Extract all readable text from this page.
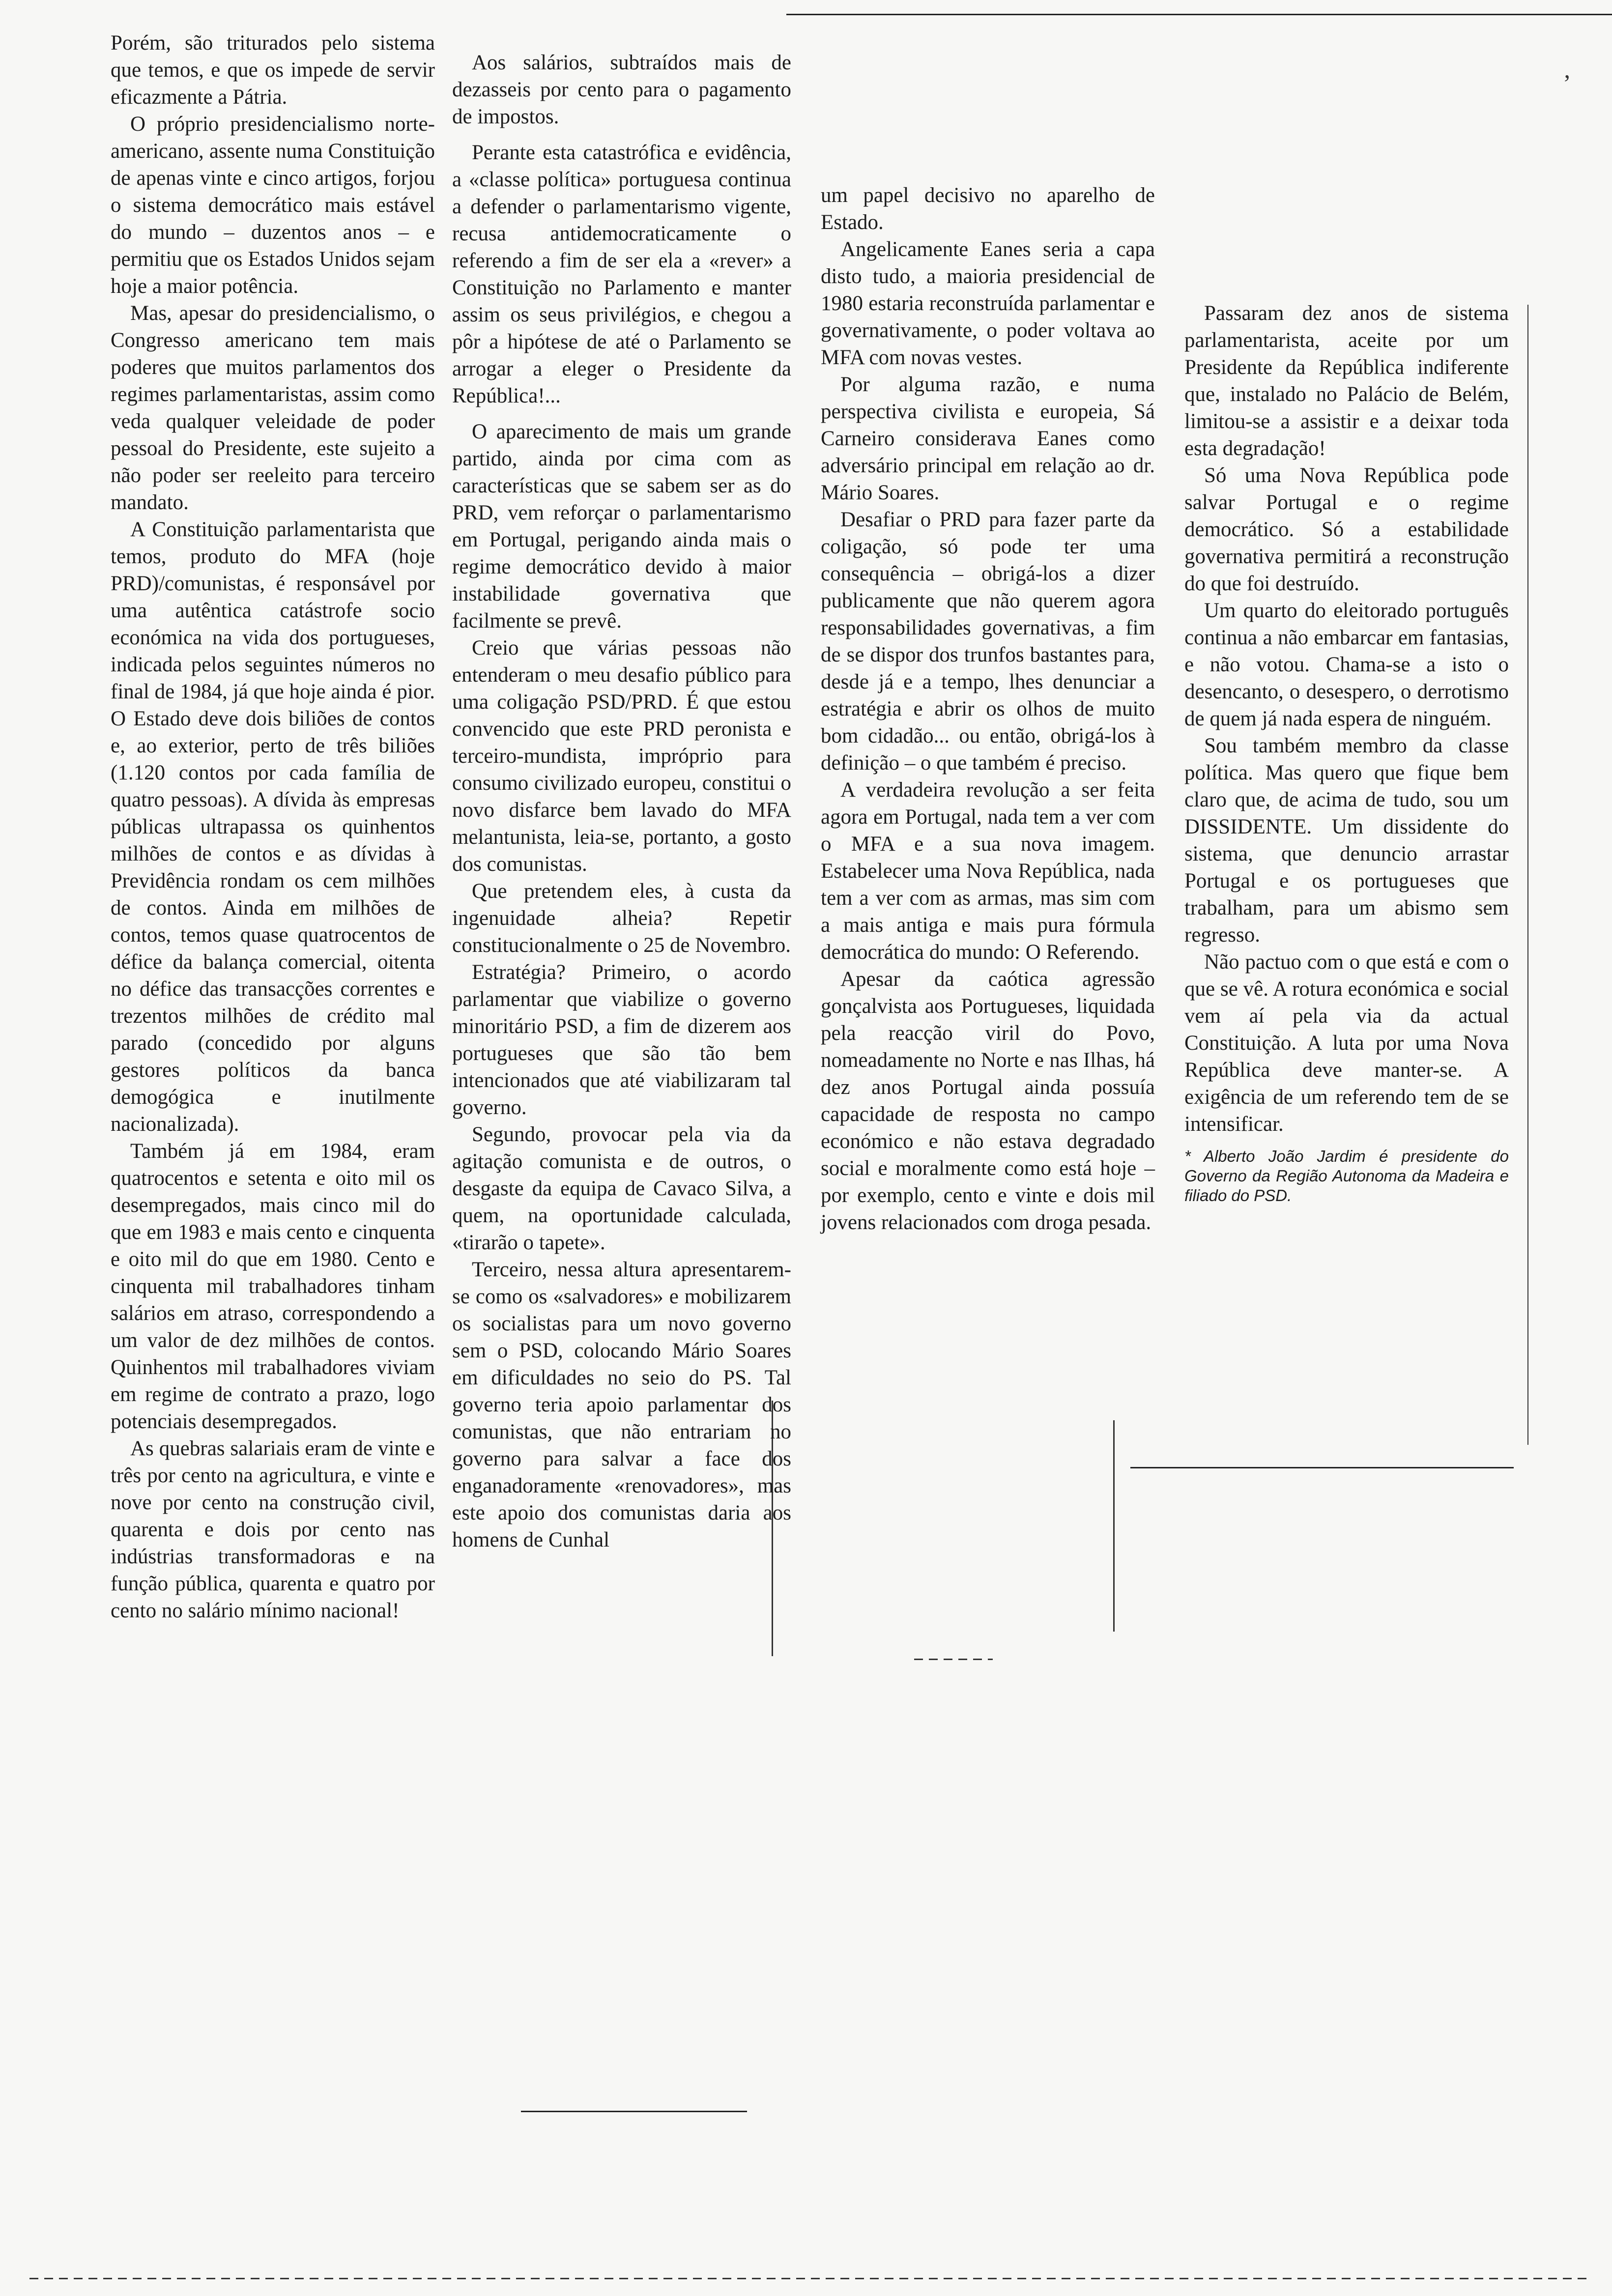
ʼ

Porém, são triturados pelo sistema que temos, e que os impede de servir eficazmente a Pátria.

O próprio presidencialismo norte-americano, assente numa Constituição de apenas vinte e cinco artigos, forjou o sistema democrático mais estável do mundo – duzentos anos – e permitiu que os Estados Unidos sejam hoje a maior potência.

Mas, apesar do presidencialismo, o Congresso americano tem mais poderes que muitos parlamentos dos regimes parlamentaristas, assim como veda qualquer veleidade de poder pessoal do Presidente, este sujeito a não poder ser reeleito para terceiro mandato.

A Constituição parlamentarista que temos, produto do MFA (hoje PRD)/comunistas, é responsável por uma autêntica catástrofe socio económica na vida dos portugueses, indicada pelos seguintes números no final de 1984, já que hoje ainda é pior. O Estado deve dois biliões de contos e, ao exterior, perto de três biliões (1.120 contos por cada família de quatro pessoas). A dívida às empresas públicas ultrapassa os quinhentos milhões de contos e as dívidas à Previdência rondam os cem milhões de contos. Ainda em milhões de contos, temos quase quatrocentos de défice da balança comercial, oitenta no défice das transacções correntes e trezentos milhões de crédito mal parado (concedido por alguns gestores políticos da banca demogógica e inutilmente nacionalizada).

Também já em 1984, eram quatrocentos e setenta e oito mil os desempregados, mais cinco mil do que em 1983 e mais cento e cinquenta e oito mil do que em 1980. Cento e cinquenta mil trabalhadores tinham salários em atraso, correspondendo a um valor de dez milhões de contos. Quinhentos mil trabalhadores viviam em regime de contrato a prazo, logo potenciais desempregados.

As quebras salariais eram de vinte e três por cento na agricultura, e vinte e nove por cento na construção civil, quarenta e dois por cento nas indústrias transformadoras e na função pública, quarenta e quatro por cento no salário mínimo nacional!

Aos salários, subtraídos mais de dezasseis por cento para o pagamento de impostos.

Perante esta catastrófica e evidência, a «classe política» portuguesa continua a defender o parlamentarismo vigente, recusa antidemocraticamente o referendo a fim de ser ela a «rever» a Constituição no Parlamento e manter assim os seus privilégios, e chegou a pôr a hipótese de até o Parlamento se arrogar a eleger o Presidente da República!...

O aparecimento de mais um grande partido, ainda por cima com as características que se sabem ser as do PRD, vem reforçar o parlamentarismo em Portugal, perigando ainda mais o regime democrático devido à maior instabilidade governativa que facilmente se prevê.

Creio que várias pessoas não entenderam o meu desafio público para uma coligação PSD/PRD. É que estou convencido que este PRD peronista e terceiro-mundista, impróprio para consumo civilizado europeu, constitui o novo disfarce bem lavado do MFA melantunista, leia-se, portanto, a gosto dos comunistas.

Que pretendem eles, à custa da ingenuidade alheia? Repetir constitucionalmente o 25 de Novembro.

Estratégia? Primeiro, o acordo parlamentar que viabilize o governo minoritário PSD, a fim de dizerem aos portugueses que são tão bem intencionados que até viabilizaram tal governo.

Segundo, provocar pela via da agitação comunista e de outros, o desgaste da equipa de Cavaco Silva, a quem, na oportunidade calculada, «tirarão o tapete».

Terceiro, nessa altura apresentarem-se como os «salvadores» e mobilizarem os socialistas para um novo governo sem o PSD, colocando Mário Soares em dificuldades no seio do PS. Tal governo teria apoio parlamentar dos comunistas, que não entrariam no governo para salvar a face dos enganadoramente «renovadores», mas este apoio dos comunistas daria aos homens de Cunhal

um papel decisivo no aparelho de Estado.

Angelicamente Eanes seria a capa disto tudo, a maioria presidencial de 1980 estaria reconstruída parlamentar e governativamente, o poder voltava ao MFA com novas vestes.

Por alguma razão, e numa perspectiva civilista e europeia, Sá Carneiro considerava Eanes como adversário principal em relação ao dr. Mário Soares.

Desafiar o PRD para fazer parte da coligação, só pode ter uma consequência – obrigá-los a dizer publicamente que não querem agora responsabilidades governativas, a fim de se dispor dos trunfos bastantes para, desde já e a tempo, lhes denunciar a estratégia e abrir os olhos de muito bom cidadão... ou então, obrigá-los à definição – o que também é preciso.

A verdadeira revolução a ser feita agora em Portugal, nada tem a ver com o MFA e a sua nova imagem. Estabelecer uma Nova República, nada tem a ver com as armas, mas sim com a mais antiga e mais pura fórmula democrática do mundo: O Referendo.

Apesar da caótica agressão gonçalvista aos Portugueses, liquidada pela reacção viril do Povo, nomeadamente no Norte e nas Ilhas, há dez anos Portugal ainda possuía capacidade de resposta no campo económico e não estava degradado social e moralmente como está hoje – por exemplo, cento e vinte e dois mil jovens relacionados com droga pesada.

Passaram dez anos de sistema parlamentarista, aceite por um Presidente da República indiferente que, instalado no Palácio de Belém, limitou-se a assistir e a deixar toda esta degradação!

Só uma Nova República pode salvar Portugal e o regime democrático. Só a estabilidade governativa permitirá a reconstrução do que foi destruído.

Um quarto do eleitorado português continua a não embarcar em fantasias, e não votou. Chama-se a isto o desencanto, o desespero, o derrotismo de quem já nada espera de ninguém.

Sou também membro da classe política. Mas quero que fique bem claro que, de acima de tudo, sou um DISSIDENTE. Um dissidente do sistema, que denuncio arrastar Portugal e os portugueses que trabalham, para um abismo sem regresso.

Não pactuo com o que está e com o que se vê. A rotura económica e social vem aí pela via da actual Constituição. A luta por uma Nova República deve manter-se. A exigência de um referendo tem de se intensificar.

* Alberto João Jardim é presidente do Governo da Região Autonoma da Madeira e filiado do PSD.
